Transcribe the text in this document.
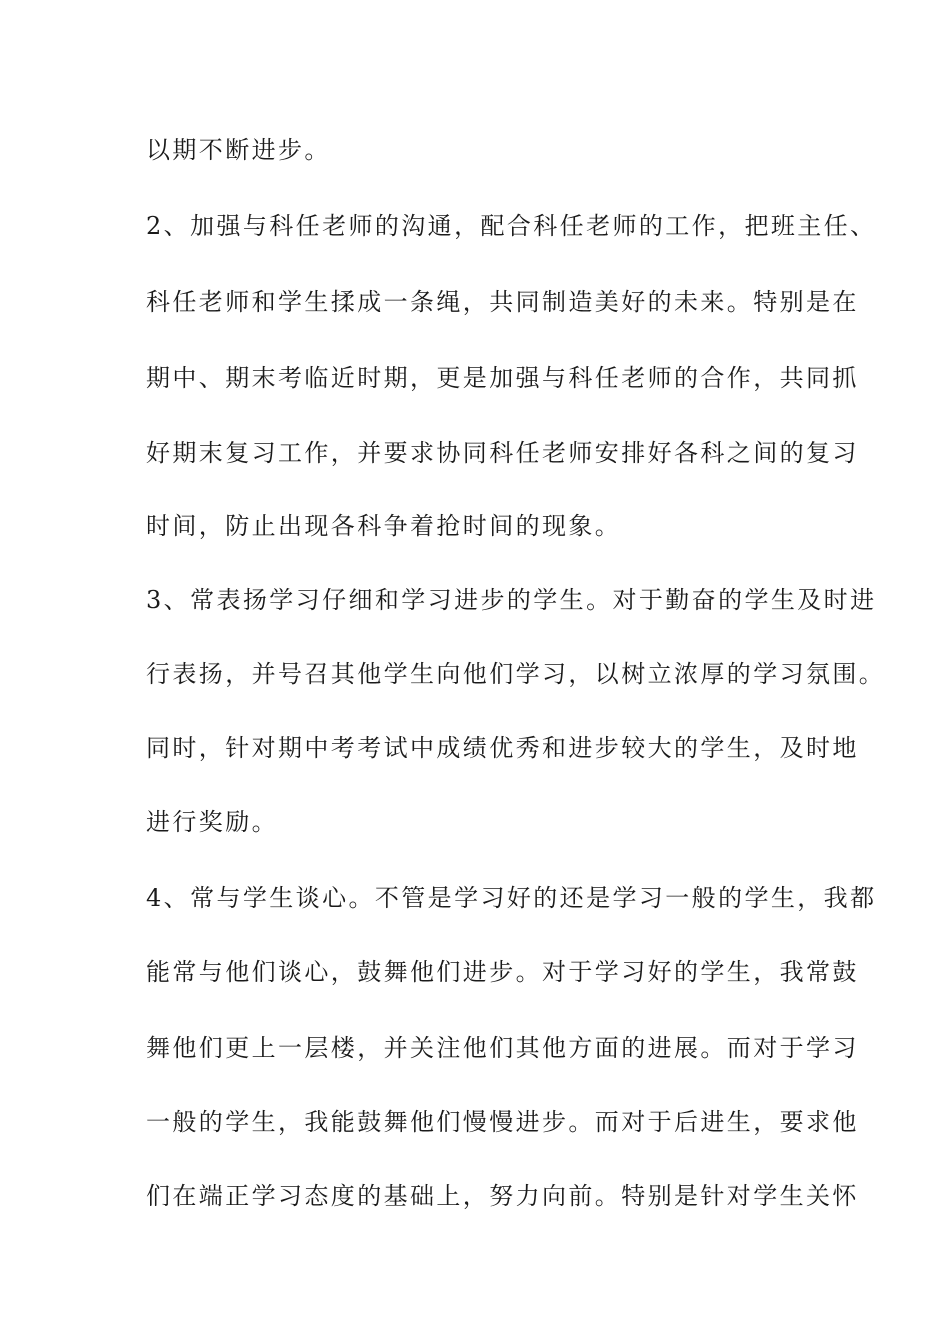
以期不断进步。
2、加强与科任老师的沟通，配合科任老师的工作，把班主任、
科任老师和学生揉成一条绳，共同制造美好的未来。特别是在
期中、期末考临近时期，更是加强与科任老师的合作，共同抓
好期末复习工作，并要求协同科任老师安排好各科之间的复习
时间，防止出现各科争着抢时间的现象。
3、常表扬学习仔细和学习进步的学生。对于勤奋的学生及时进
行表扬，并号召其他学生向他们学习，以树立浓厚的学习氛围。
同时，针对期中考考试中成绩优秀和进步较大的学生，及时地
进行奖励。
4、常与学生谈心。不管是学习好的还是学习一般的学生，我都
能常与他们谈心，鼓舞他们进步。对于学习好的学生，我常鼓
舞他们更上一层楼，并关注他们其他方面的进展。而对于学习
一般的学生，我能鼓舞他们慢慢进步。而对于后进生，要求他
们在端正学习态度的基础上，努力向前。特别是针对学生关怀
